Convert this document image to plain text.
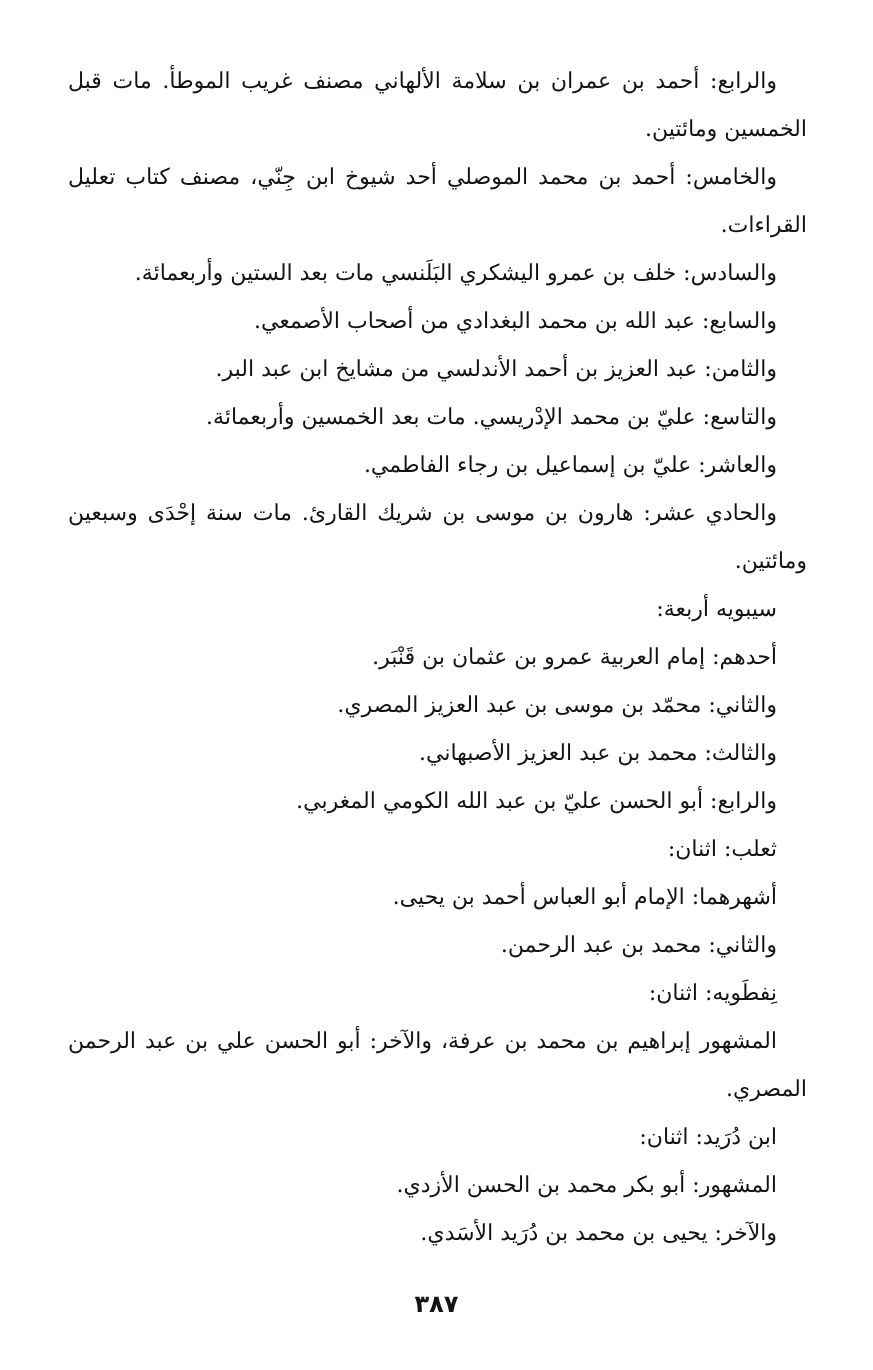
والرابع: أحمد بن عمران بن سلامة الألهاني مصنف غريب الموطأ. مات قبل الخمسين ومائتين.

والخامس: أحمد بن محمد الموصلي أحد شيوخ ابن جِنّي، مصنف كتاب تعليل القراءات.

والسادس: خلف بن عمرو اليشكري البَلَنسي مات بعد الستين وأربعمائة.

والسابع: عبد الله بن محمد البغدادي من أصحاب الأصمعي.

والثامن: عبد العزيز بن أحمد الأندلسي من مشايخ ابن عبد البر.

والتاسع: عليّ بن محمد الإدْريسي. مات بعد الخمسين وأربعمائة.

والعاشر: عليّ بن إسماعيل بن رجاء الفاطمي.

والحادي عشر: هارون بن موسى بن شريك القارئ. مات سنة إحْدَى وسبعين ومائتين.

سيبويه أربعة:

أحدهم: إمام العربية عمرو بن عثمان بن قَنْبَر.

والثاني: محمّد بن موسى بن عبد العزيز المصري.

والثالث: محمد بن عبد العزيز الأصبهاني.

والرابع: أبو الحسن عليّ بن عبد الله الكومي المغربي.

ثعلب: اثنان:

أشهرهما: الإمام أبو العباس أحمد بن يحيى.

والثاني: محمد بن عبد الرحمن.

نِفطَويه: اثنان:

المشهور إبراهيم بن محمد بن عرفة، والآخر: أبو الحسن علي بن عبد الرحمن المصري.

ابن دُرَيد: اثنان:

المشهور: أبو بكر محمد بن الحسن الأزدي.

والآخر: يحيى بن محمد بن دُرَيد الأسَدي.

٣٨٧
